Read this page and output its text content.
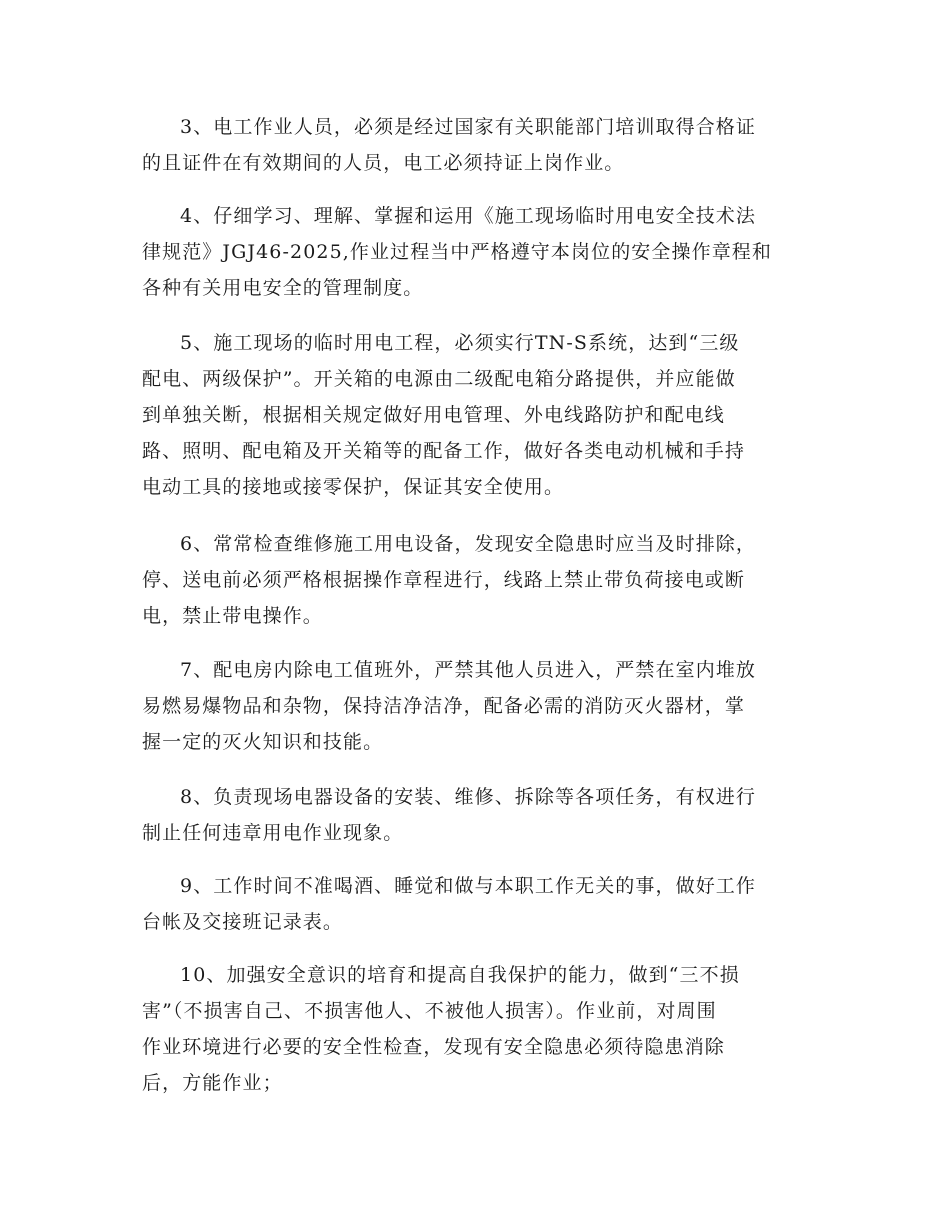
3、电工作业人员，必须是经过国家有关职能部门培训取得合格证
的且证件在有效期间的人员，电工必须持证上岗作业。
4、仔细学习、理解、掌握和运用《施工现场临时用电安全技术法
律规范》JGJ46-2025,作业过程当中严格遵守本岗位的安全操作章程和
各种有关用电安全的管理制度。
5、施工现场的临时用电工程，必须实行TN-S系统，达到“三级
配电、两级保护”。开关箱的电源由二级配电箱分路提供，并应能做
到单独关断，根据相关规定做好用电管理、外电线路防护和配电线
路、照明、配电箱及开关箱等的配备工作，做好各类电动机械和手持
电动工具的接地或接零保护，保证其安全使用。
6、常常检查维修施工用电设备，发现安全隐患时应当及时排除，
停、送电前必须严格根据操作章程进行，线路上禁止带负荷接电或断
电，禁止带电操作。
7、配电房内除电工值班外，严禁其他人员进入，严禁在室内堆放
易燃易爆物品和杂物，保持洁净洁净，配备必需的消防灭火器材，掌
握一定的灭火知识和技能。
8、负责现场电器设备的安装、维修、拆除等各项任务，有权进行
制止任何违章用电作业现象。
9、工作时间不准喝酒、睡觉和做与本职工作无关的事，做好工作
台帐及交接班记录表。
10、加强安全意识的培育和提高自我保护的能力，做到“三不损
害”（不损害自己、不损害他人、不被他人损害）。作业前，对周围
作业环境进行必要的安全性检查，发现有安全隐患必须待隐患消除
后，方能作业；
